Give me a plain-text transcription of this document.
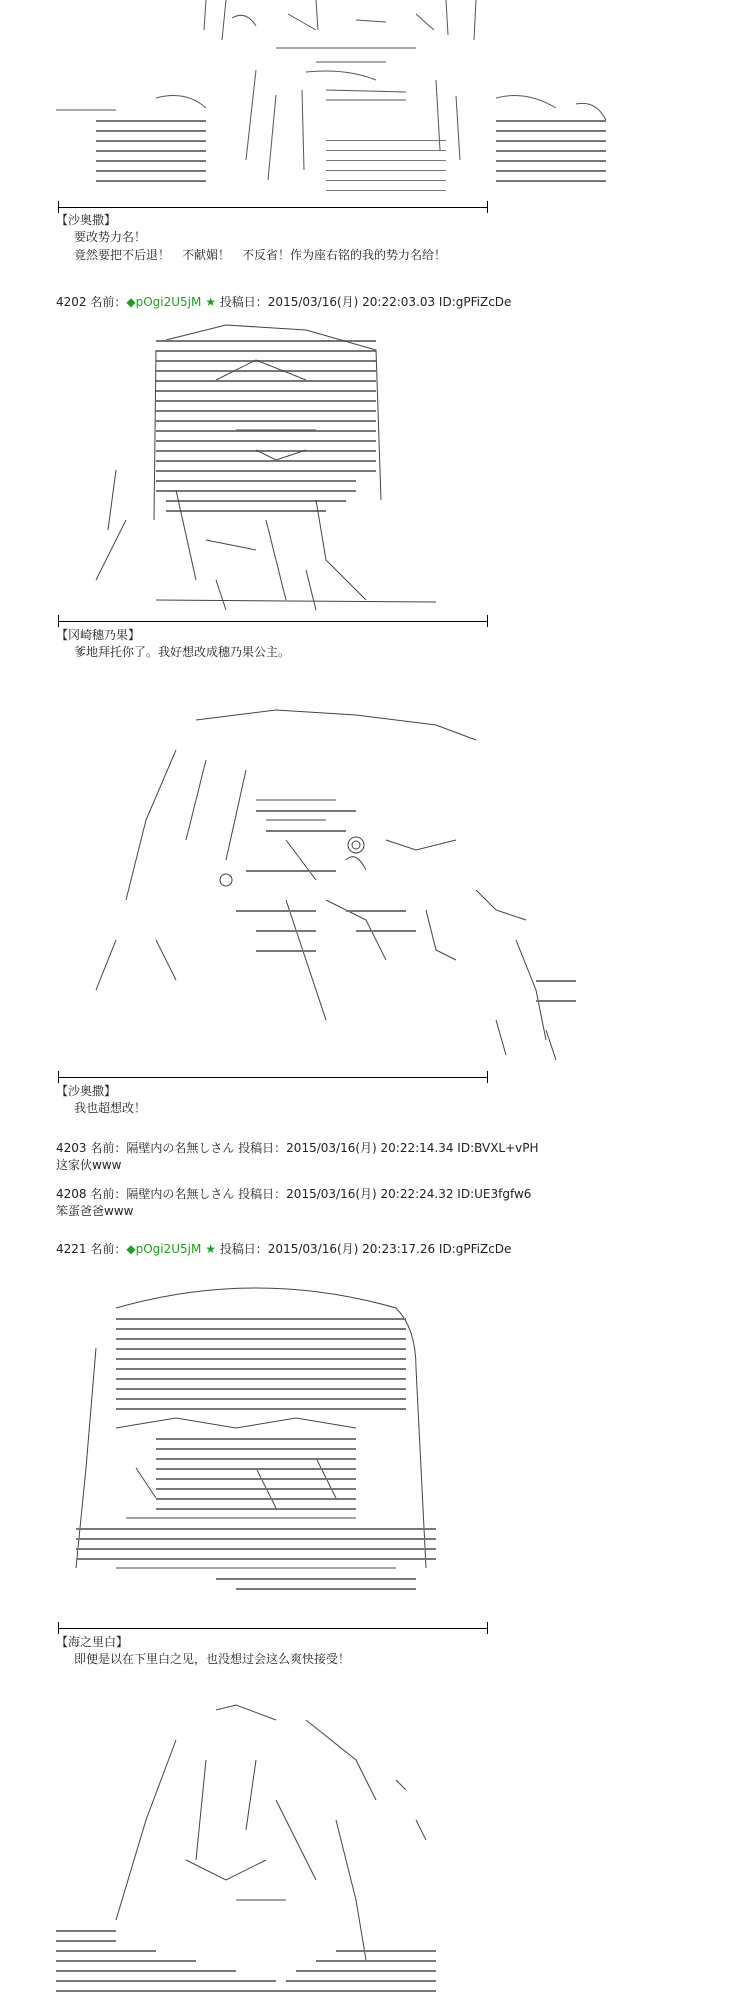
【沙奥撒】
要改势力名！
竟然要把不后退！　不献媚！　不反省！作为座右铭的我的势力名给！
4202 名前：◆pOgi2U5jM ★ 投稿日：2015/03/16(月) 20:22:03.03 ID:gPFiZcDe
【冈崎穗乃果】
爹地拜托你了。我好想改成穗乃果公主。
【沙奥撒】
我也超想改！
4203 名前：隔壁内の名無しさん 投稿日：2015/03/16(月) 20:22:14.34 ID:BVXL+vPH
这家伙www
4208 名前：隔壁内の名無しさん 投稿日：2015/03/16(月) 20:22:24.32 ID:UE3fgfw6
笨蛋爸爸www
4221 名前：◆pOgi2U5jM ★ 投稿日：2015/03/16(月) 20:23:17.26 ID:gPFiZcDe
【海之里白】
即便是以在下里白之见，也没想过会这么爽快接受！
